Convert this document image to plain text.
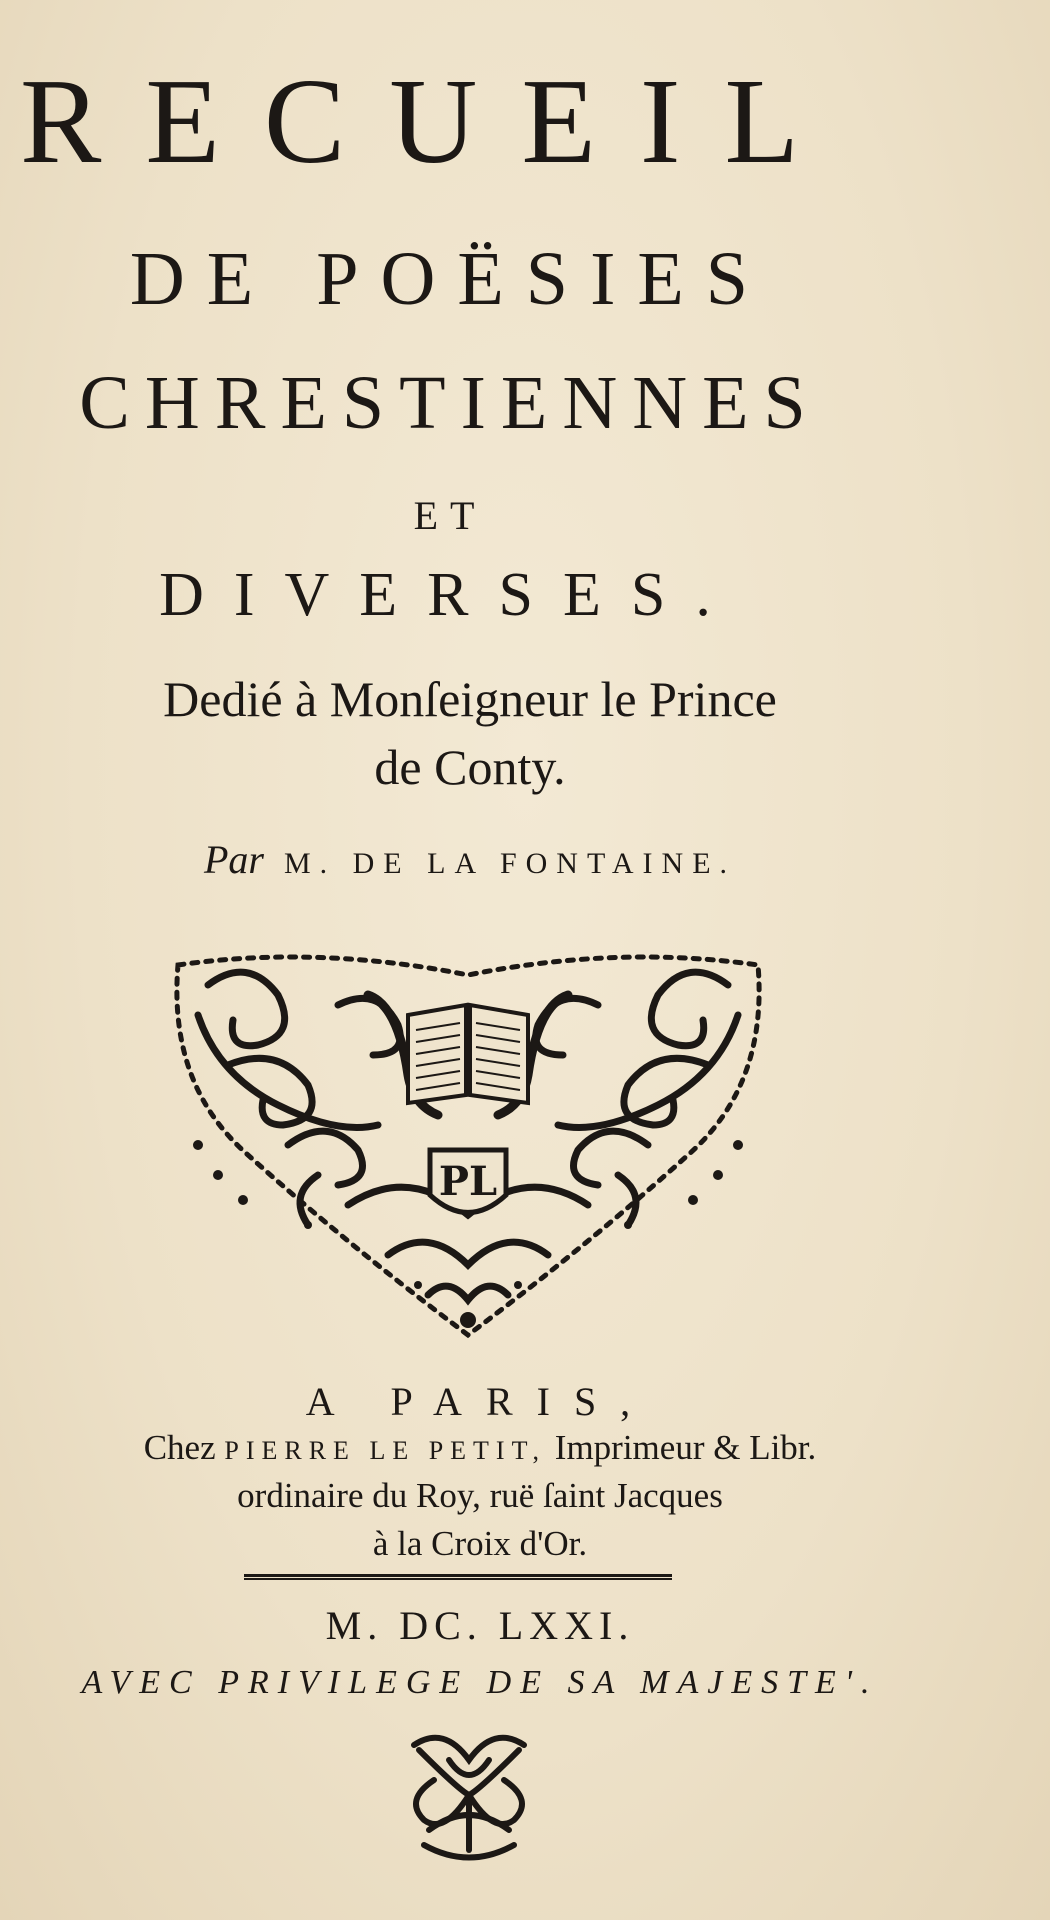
RECUEIL

DE POËSIES

CHRESTIENNES

ET

DIVERSES.

Dedié à Monſeigneur le Prince

de Conty.

Par M. DE LA FONTAINE.

PL

A PARIS,

Chez PIERRE LE PETIT, Imprimeur & Libr.

ordinaire du Roy, ruë ſaint Jacques

à la Croix d'Or.

M. DC. LXXI.

AVEC PRIVILEGE DE SA MAJESTE'.
